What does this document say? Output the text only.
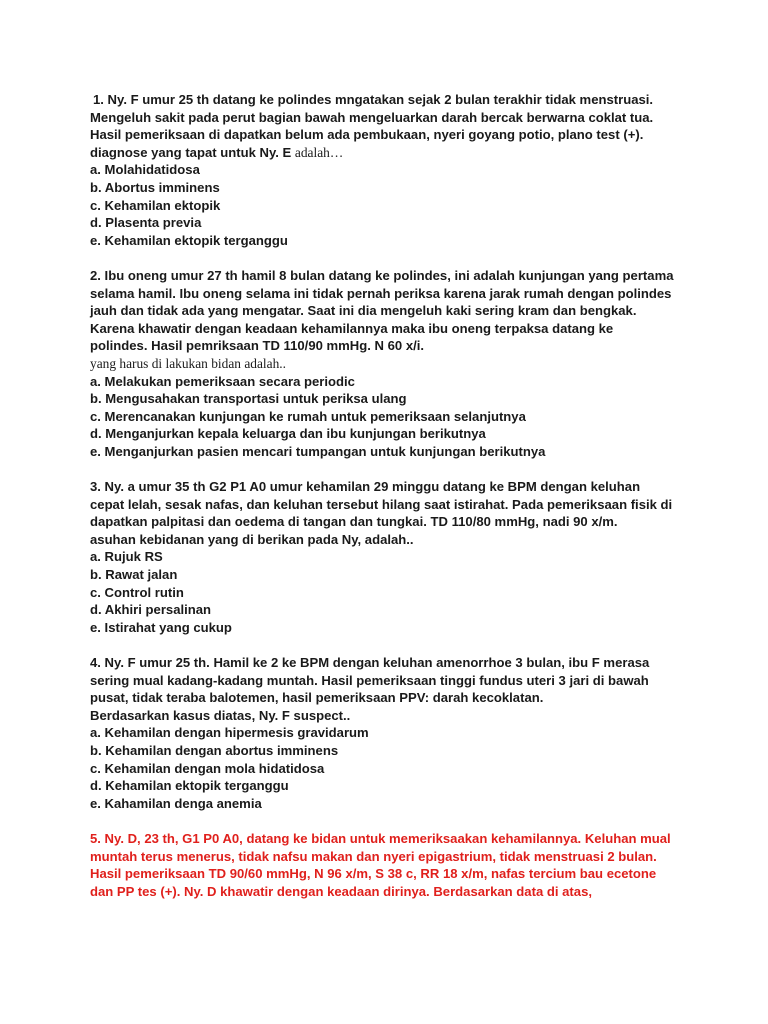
1. Ny. F umur 25 th datang ke polindes mngatakan sejak 2 bulan terakhir tidak menstruasi.
Mengeluh sakit pada perut bagian bawah mengeluarkan darah bercak berwarna coklat tua.
Hasil pemeriksaan di dapatkan belum ada pembukaan, nyeri goyang potio, plano test (+).
diagnose yang tapat untuk Ny. E adalah…
a. Molahidatidosa
b. Abortus imminens
c. Kehamilan ektopik
d. Plasenta previa
e. Kehamilan ektopik terganggu
2. Ibu oneng umur 27 th hamil 8 bulan datang ke polindes, ini adalah kunjungan yang pertama
selama hamil. Ibu oneng selama ini tidak pernah periksa karena jarak rumah dengan polindes
jauh dan tidak ada yang mengatar. Saat ini dia mengeluh kaki sering kram dan bengkak.
Karena khawatir dengan keadaan kehamilannya maka ibu oneng terpaksa datang ke
polindes. Hasil pemriksaan TD 110/90 mmHg. N 60 x/i.
yang harus di lakukan bidan adalah..
a. Melakukan pemeriksaan secara periodic
b. Mengusahakan transportasi untuk periksa ulang
c. Merencanakan kunjungan ke rumah untuk pemeriksaan selanjutnya
d. Menganjurkan kepala keluarga dan ibu kunjungan berikutnya
e. Menganjurkan pasien mencari tumpangan untuk kunjungan berikutnya
3. Ny. a umur 35 th G2 P1 A0 umur kehamilan 29 minggu datang ke BPM dengan keluhan
cepat lelah, sesak nafas, dan keluhan tersebut hilang saat istirahat. Pada pemeriksaan fisik di
dapatkan palpitasi dan oedema di tangan dan tungkai. TD 110/80 mmHg, nadi 90 x/m.
asuhan kebidanan yang di berikan pada Ny, adalah..
a. Rujuk RS
b. Rawat jalan
c. Control rutin
d. Akhiri persalinan
e. Istirahat yang cukup
4. Ny. F umur 25 th. Hamil ke 2 ke BPM dengan keluhan amenorrhoe 3 bulan, ibu F merasa
sering mual kadang-kadang muntah. Hasil pemeriksaan tinggi fundus uteri 3 jari di bawah
pusat, tidak teraba balotemen, hasil pemeriksaan PPV: darah kecoklatan.
Berdasarkan kasus diatas, Ny. F suspect..
a. Kehamilan dengan hipermesis gravidarum
b. Kehamilan dengan abortus imminens
c. Kehamilan dengan mola hidatidosa
d. Kehamilan ektopik terganggu
e. Kahamilan denga anemia
5. Ny. D, 23 th, G1 P0 A0, datang ke bidan untuk memeriksaakan kehamilannya. Keluhan mual
muntah terus menerus, tidak nafsu makan dan nyeri epigastrium, tidak menstruasi 2 bulan.
Hasil pemeriksaan TD 90/60 mmHg, N 96 x/m, S 38 c, RR 18 x/m, nafas tercium bau ecetone
dan PP tes (+). Ny. D khawatir dengan keadaan dirinya. Berdasarkan data di atas,
